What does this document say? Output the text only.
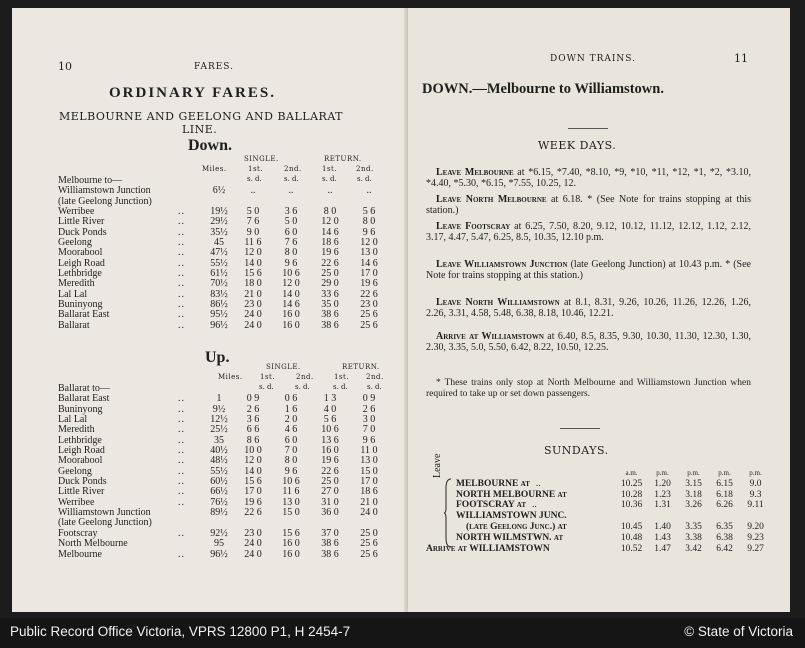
10	FARES.
ORDINARY FARES.
MELBOURNE AND GEELONG AND BALLARAT
LINE.
Down.
SINGLE.	RETURN.
Miles.	1st.	2nd.	1st.	2nd.
s. d.	s. d.	s. d.	s. d.
Melbourne to—						
Williamstown Junction		6½	..	..	..	..
(late Geelong Junction)						
Werribee	..	19½	5 0	3 6	8 0	5 6
Little River	..	29½	7 6	5 0	12 0	8 0
Duck Ponds	..	35½	9 0	6 0	14 6	9 6
Geelong	..	45	11 6	7 6	18 6	12 0
Moorabool	..	47½	12 0	8 0	19 6	13 0
Leigh Road	..	55½	14 0	9 6	22 6	14 6
Lethbridge	..	61½	15 6	10 6	25 0	17 0
Meredith	..	70½	18 0	12 0	29 0	19 6
Lal Lal	..	83½	21 0	14 0	33 6	22 6
Buninyong	..	86½	23 0	14 6	35 0	23 0
Ballarat East	..	95½	24 0	16 0	38 6	25 6
Ballarat	..	96½	24 0	16 0	38 6	25 6
Up.
SINGLE.	RETURN.
Miles. 1st.	2nd.	1st. 2nd.
s. d.	s. d.	s. d.	s. d.
Ballarat to—						
Ballarat East	..	1	0 9	0 6	1 3	0 9
Buninyong	..	9½	2 6	1 6	4 0	2 6
Lal Lal	..	12½	3 6	2 0	5 6	3 0
Meredith	..	25½	6 6	4 6	10 6	7 0
Lethbridge	..	35	8 6	6 0	13 6	9 6
Leigh Road	..	40½	10 0	7 0	16 0	11 0
Moorabool	..	48½	12 0	8 0	19 6	13 0
Geelong	..	55½	14 0	9 6	22 6	15 0
Duck Ponds	..	60½	15 6	10 6	25 0	17 0
Little River	..	66½	17 0	11 6	27 0	18 6
Werribee	..	76½	19 6	13 0	31 0	21 0
Williamstown Junction		89½	22 6	15 0	36 0	24 0
(late Geelong Junction)						
Footscray	..	92½	23 0	15 6	37 0	25 0
North Melbourne		95	24 0	16 0	38 6	25 6
Melbourne	..	96½	24 0	16 0	38 6	25 6
DOWN TRAINS.	11
DOWN.—Melbourne to Williamstown.
WEEK DAYS.
Leave Melbourne at *6.15, *7.40, *8.10, *9, *10, *11, *12, *1, *2, *3.10, *4.40, *5.30, *6.15, *7.55, 10.25, 12.
Leave North Melbourne at 6.18. * (See Note for trains stopping at this station.)
Leave Footscray at 6.25, 7.50, 8.20, 9.12, 10.12, 11.12, 12.12, 1.12, 2.12, 3.17, 4.47, 5.47, 6.25, 8.5, 10.35, 12.10 p.m.
Leave Williamstown Junction (late Geelong Junction) at 10.43 p.m. * (See Note for trains stopping at this station.)
Leave North Williamstown at 8.1, 8.31, 9.26, 10.26, 11.26, 12.26, 1.26, 2.26, 3.31, 4.58, 5.48, 6.38, 8.18, 10.46, 12.21.
Arrive at Williamstown at 6.40, 8.5, 8.35, 9.30, 10.30, 11.30, 12.30, 1.30, 2.30, 3.35, 5.0, 5.50, 6.42, 8.22, 10.50, 12.25.
* These trains only stop at North Melbourne and Williamstown Junction when required to take up or set down passengers.
SUNDAYS.
Leave
		a.m.	p.m.	p.m.	p.m.	p.m.
MELBOURNE at ..	10.25	1.20	3.15	6.15	9.0
NORTH MELBOURNE at	10.28	1.23	3.18	6.18	9.3
FOOTSCRAY at ..	10.36	1.31	3.26	6.26	9.11
WILLIAMSTOWN JUNC.					
(late Geelong Junc.) at	10.45	1.40	3.35	6.35	9.20
NORTH WILMSTWN. at	10.48	1.43	3.38	6.38	9.23
Arrive at WILLIAMSTOWN	10.52	1.47	3.42	6.42	9.27
Public Record Office Victoria, VPRS 12800 P1, H 2454-7	© State of Victoria
